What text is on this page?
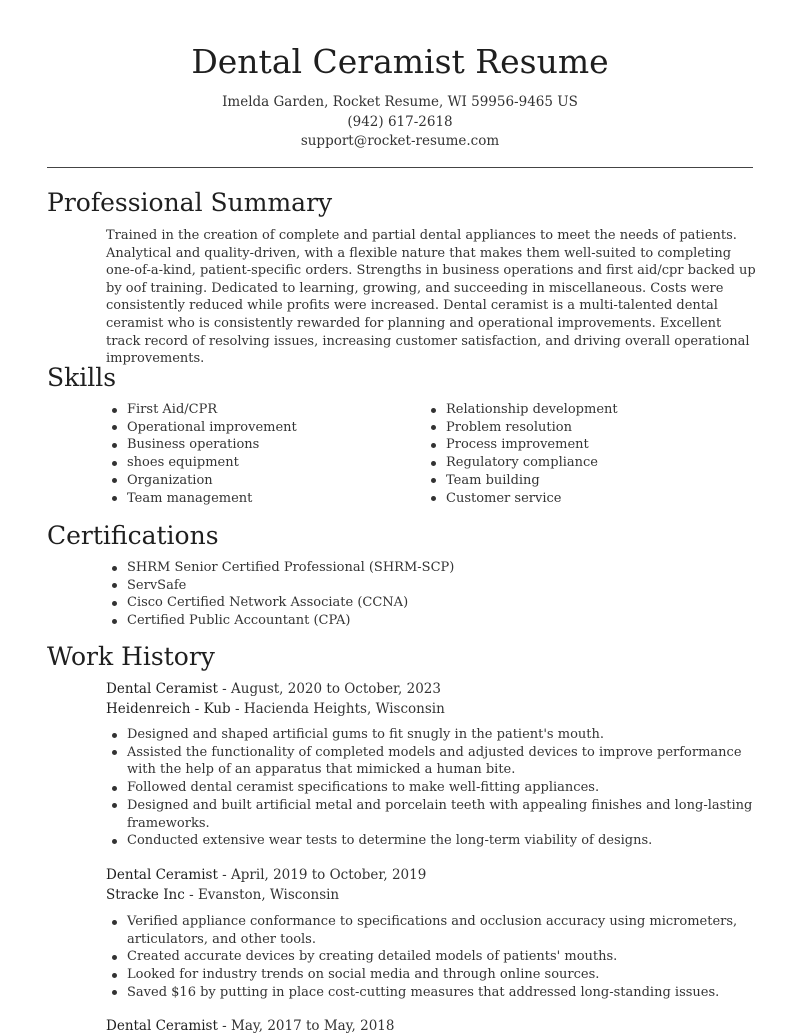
Dental Ceramist Resume
Imelda Garden, Rocket Resume, WI 59956-9465 US
(942) 617-2618
support@rocket-resume.com
Professional Summary

Trained in the creation of complete and partial dental appliances to meet the needs of patients. Analytical and quality-driven, with a flexible nature that makes them well-suited to completing one-of-a-kind, patient-specific orders. Strengths in business operations and first aid/cpr backed up by oof training. Dedicated to learning, growing, and succeeding in miscellaneous. Costs were consistently reduced while profits were increased. Dental ceramist is a multi-talented dental ceramist who is consistently rewarded for planning and operational improvements. Excellent track record of resolving issues, increasing customer satisfaction, and driving overall operational improvements.

Skills
First Aid/CPR
Operational improvement
Business operations
shoes equipment
Organization
Team management
Relationship development
Problem resolution
Process improvement
Regulatory compliance
Team building
Customer service
Certifications
SHRM Senior Certified Professional (SHRM-SCP)
ServSafe
Cisco Certified Network Associate (CCNA)
Certified Public Accountant (CPA)
Work History
Dental Ceramist - August, 2020 to October, 2023
Heidenreich - Kub - Hacienda Heights, Wisconsin
Designed and shaped artificial gums to fit snugly in the patient's mouth.
Assisted the functionality of completed models and adjusted devices to improve performance with the help of an apparatus that mimicked a human bite.
Followed dental ceramist specifications to make well-fitting appliances.
Designed and built artificial metal and porcelain teeth with appealing finishes and long-lasting frameworks.
Conducted extensive wear tests to determine the long-term viability of designs.
Dental Ceramist - April, 2019 to October, 2019
Stracke Inc - Evanston, Wisconsin
Verified appliance conformance to specifications and occlusion accuracy using micrometers, articulators, and other tools.
Created accurate devices by creating detailed models of patients' mouths.
Looked for industry trends on social media and through online sources.
Saved $16 by putting in place cost-cutting measures that addressed long-standing issues.
Dental Ceramist - May, 2017 to May, 2018
